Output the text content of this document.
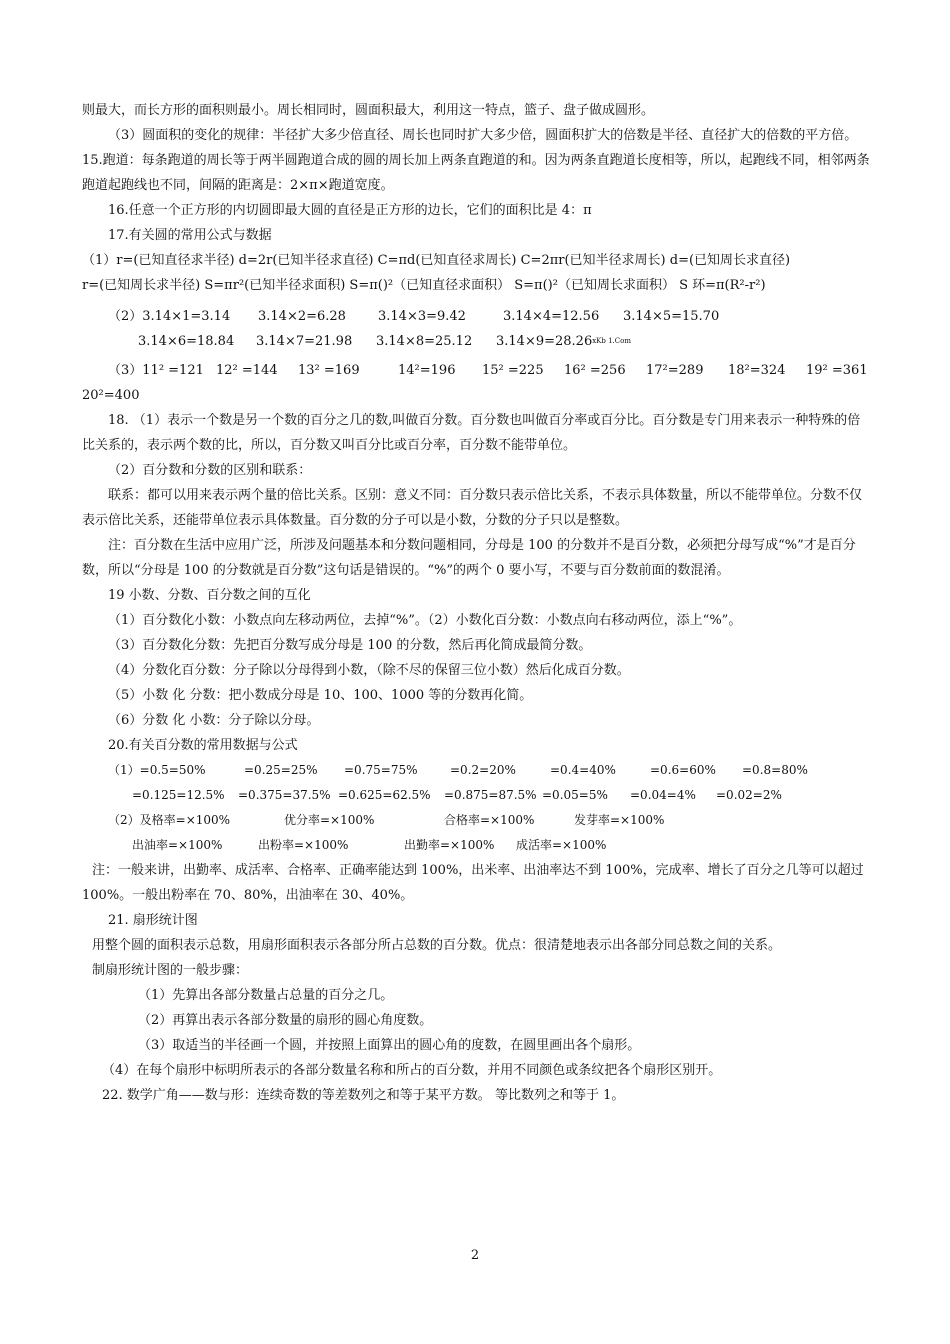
则最大，而长方形的面积则最小。周长相同时，圆面积最大，利用这一特点，篮子、盘子做成圆形。

（3）圆面积的变化的规律：半径扩大多少倍直径、周长也同时扩大多少倍，圆面积扩大的倍数是半径、直径扩大的倍数的平方倍。

15.跑道：每条跑道的周长等于两半圆跑道合成的圆的周长加上两条直跑道的和。因为两条直跑道长度相等，所以，起跑线不同，相邻两条跑道起跑线也不同，间隔的距离是：2×π×跑道宽度。

16.任意一个正方形的内切圆即最大圆的直径是正方形的边长，它们的面积比是 4：π

17.有关圆的常用公式与数据

（1）r=(已知直径求半径) d=2r(已知半径求直径) C=πd(已知直径求周长) C=2πr(已知半径求周长) d=(已知周长求直径)

r=(已知周长求半径) S=πr²(已知半径求面积) S=π()²（已知直径求面积） S=π()²（已知周长求面积） S 环=π(R²-r²)

（2）3.14×1=3.14	3.14×2=6.28	3.14×3=9.42	3.14×4=12.56	3.14×5=15.70
3.14×6=18.84	3.14×7=21.98	3.14×8=25.12	3.14×9=28.26 xKb 1.Com
（3）11² =121 12² =144	13² =169	14²=196	15² =225	16² =256	17²=289	18²=324	19² =361

20²=400

18. （1）表示一个数是另一个数的百分之几的数,叫做百分数。百分数也叫做百分率或百分比。百分数是专门用来表示一种特殊的倍比关系的，表示两个数的比，所以，百分数又叫百分比或百分率，百分数不能带单位。

（2）百分数和分数的区别和联系：

联系：都可以用来表示两个量的倍比关系。区别：意义不同：百分数只表示倍比关系，不表示具体数量，所以不能带单位。分数不仅表示倍比关系，还能带单位表示具体数量。百分数的分子可以是小数，分数的分子只以是整数。

注：百分数在生活中应用广泛，所涉及问题基本和分数问题相同，分母是 100 的分数并不是百分数，必须把分母写成“%”才是百分数，所以“分母是 100 的分数就是百分数”这句话是错误的。“%”的两个 0 要小写，不要与百分数前面的数混淆。

19 小数、分数、百分数之间的互化

（1）百分数化小数：小数点向左移动两位，去掉“%”。（2）小数化百分数：小数点向右移动两位，添上“%”。

（3）百分数化分数：先把百分数写成分母是 100 的分数，然后再化简成最简分数。

（4）分数化百分数：分子除以分母得到小数，（除不尽的保留三位小数）然后化成百分数。

（5）小数 化 分数：把小数成分母是 10、100、1000 等的分数再化简。

（6）分数 化 小数：分子除以分母。

20.有关百分数的常用数据与公式

（1）=0.5=50%	=0.25=25%	=0.75=75%	=0.2=20%	=0.4=40%	=0.6=60%	=0.8=80%
=0.125=12.5%	=0.375=37.5% =0.625=62.5%	=0.875=87.5% =0.05=5%	=0.04=4%	=0.02=2%
（2）及格率=×100%	优分率=×100%	合格率=×100%	发芽率=×100%
出油率=×100%	出粉率=×100%	出勤率=×100%	成活率=×100%

注：一般来讲，出勤率、成活率、合格率、正确率能达到 100%，出米率、出油率达不到 100%，完成率、增长了百分之几等可以超过 100%。一般出粉率在 70、80%，出油率在 30、40%。

21. 扇形统计图

用整个圆的面积表示总数，用扇形面积表示各部分所占总数的百分数。优点：很清楚地表示出各部分同总数之间的关系。

制扇形统计图的一般步骤：

（1）先算出各部分数量占总量的百分之几。

（2）再算出表示各部分数量的扇形的圆心角度数。

（3）取适当的半径画一个圆，并按照上面算出的圆心角的度数，在圆里画出各个扇形。

（4）在每个扇形中标明所表示的各部分数量名称和所占的百分数，并用不同颜色或条纹把各个扇形区别开。

22. 数学广角——数与形：连续奇数的等差数列之和等于某平方数。 等比数列之和等于 1。

2
